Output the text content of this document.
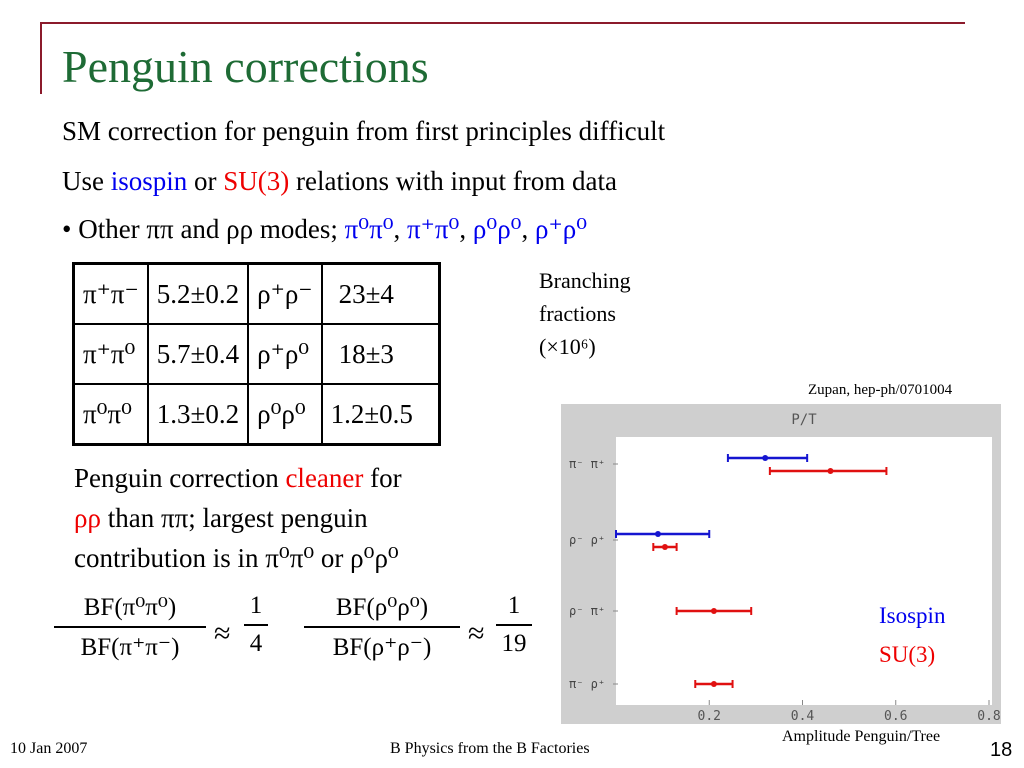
Penguin corrections
SM correction for penguin from first principles difficult
Use isospin or SU(3) relations with input from data
• Other ππ and ρρ modes; π⁰π⁰, π⁺π⁰, ρ⁰ρ⁰, ρ⁺ρ⁰
π⁺π⁻	5.2±0.2	ρ⁺ρ⁻	23±4
π⁺π⁰	5.7±0.4	ρ⁺ρ⁰	18±3
π⁰π⁰	1.3±0.2	ρ⁰ρ⁰	1.2±0.5
Branching
fractions
(×10⁶)
Zupan, hep-ph/0701004
Penguin correction cleaner for
ρρ than ππ; largest penguin
contribution is in π⁰π⁰ or ρ⁰ρ⁰
BF(π⁰π⁰)
BF(π⁺π⁻)	≈
1
4
BF(ρ⁰ρ⁰)
BF(ρ⁺ρ⁻)	≈
1
19
P/T
0.2	0.4	0.6	0.8
π⁻ π⁺
ρ⁻ ρ⁺
ρ⁻ π⁺
π⁻ ρ⁺
Isospin
SU(3)
Amplitude Penguin/Tree
10 Jan 2007	B Physics from the B Factories	18
